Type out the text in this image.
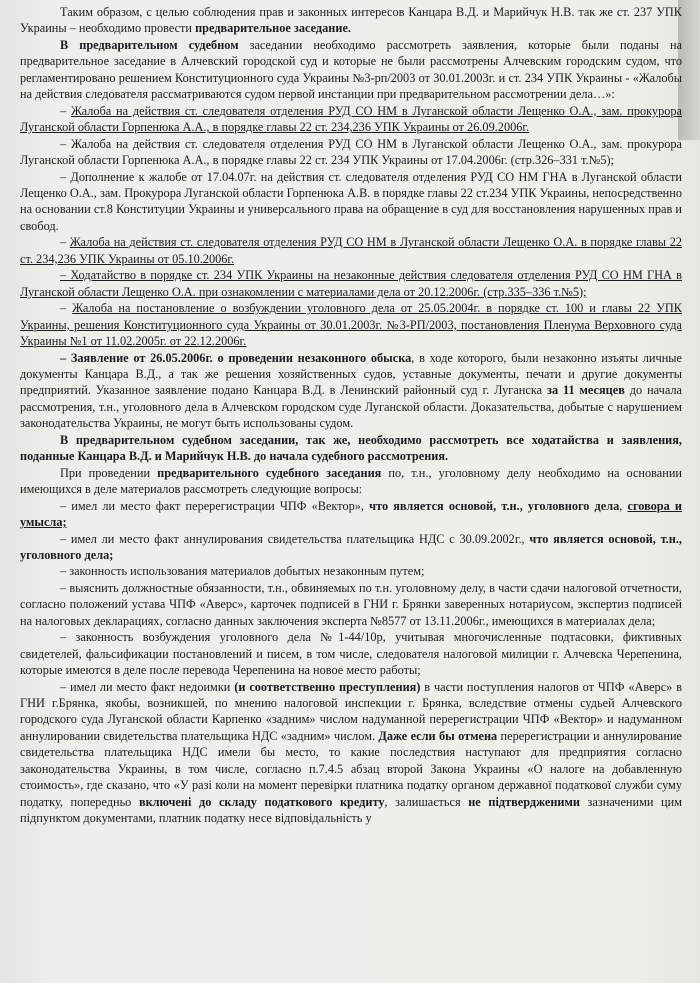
Таким образом, с целью соблюдения прав и законных интересов Канцара В.Д. и Марийчук Н.В. так же ст. 237 УПК Украины – необходимо провести предварительное заседание.

В предварительном судебном заседании необходимо рассмотреть заявления, которые были поданы на предварительное заседание в Алчевский городской суд и которые не были рассмотрены Алчевским городским судом, что регламентировано решением Конституционного суда Украины №3-рп/2003 от 30.01.2003г. и ст. 234 УПК Украины - «Жалобы на действия следователя рассматриваются судом первой инстанции при предварительном рассмотрении дела…»:

– Жалоба на действия ст. следователя отделения РУД СО НМ в Луганской области Лещенко О.А., зам. прокурора Луганской области Горпенюка А.А., в порядке главы 22 ст. 234,236 УПК Украины от 26.09.2006г.

– Жалоба на действия ст. следователя отделения РУД СО НМ в Луганской области Лещенко О.А., зам. прокурора Луганской области Горпенюка А.А., в порядке главы 22 ст. 234 УПК Украины от 17.04.2006г. (стр.326–331 т.№5);

– Дополнение к жалобе от 17.04.07г. на действия ст. следователя отделения РУД СО НМ ГНА в Луганской области Лещенко О.А., зам. Прокурора Луганской области Горпенюка А.В. в порядке главы 22 ст.234 УПК Украины, непосредственно на основании ст.8 Конституции Украины и универсального права на обращение в суд для восстановления нарушенных прав и свобод.

– Жалоба на действия ст. следователя отделения РУД СО НМ в Луганской области Лещенко О.А. в порядке главы 22 ст. 234,236 УПК Украины от 05.10.2006г.

– Ходатайство в порядке ст. 234 УПК Украины на незаконные действия следователя отделения РУД СО НМ ГНА в Луганской области Лещенко О.А. при ознакомлении с материалами дела от 20.12.2006г. (стр.335–336 т.№5);

– Жалоба на постановление о возбуждении уголовного дела от 25.05.2004г. в порядке ст. 100 и главы 22 УПК Украины, решения Конституционного суда Украины от 30.01.2003г. №3-РП/2003, постановления Пленума Верховного суда Украины №1 от 11.02.2005г. от 22.12.2006г.

– Заявление от 26.05.2006г. о проведении незаконного обыска, в ходе которого, были незаконно изъяты личные документы Канцара В.Д., а так же решения хозяйственных судов, уставные документы, печати и другие документы предприятий. Указанное заявление подано Канцара В.Д. в Ленинский районный суд г. Луганска за 11 месяцев до начала рассмотрения, т.н., уголовного дела в Алчевском городском суде Луганской области. Доказательства, добытые с нарушением законодательства Украины, не могут быть использованы судом.

В предварительном судебном заседании, так же, необходимо рассмотреть все ходатайства и заявления, поданные Канцара В.Д. и Марийчук Н.В. до начала судебного рассмотрения.

При проведении предварительного судебного заседания по, т.н., уголовному делу необходимо на основании имеющихся в деле материалов рассмотреть следующие вопросы:

– имел ли место факт перерегистрации ЧПФ «Вектор», что является основой, т.н., уголовного дела, сговора и умысла;

– имел ли место факт аннулирования свидетельства плательщика НДС с 30.09.2002г., что является основой, т.н., уголовного дела;

– законность использования материалов добытых незаконным путем;

– выяснить должностные обязанности, т.н., обвиняемых по т.н. уголовному делу, в части сдачи налоговой отчетности, согласно положений устава ЧПФ «Аверс», карточек подписей в ГНИ г. Брянки заверенных нотариусом, экспертиз подписей на налоговых декларациях, согласно данных заключения эксперта №8577 от 13.11.2006г., имеющихся в материалах дела;

– законность возбуждения уголовного дела №1-44/10р, учитывая многочисленные подтасовки, фиктивных свидетелей, фальсификации постановлений и писем, в том числе, следователя налоговой милиции г. Алчевска Черепенина, которые имеются в деле после перевода Черепенина на новое место работы;

– имел ли место факт недоимки (и соответственно преступления) в части поступления налогов от ЧПФ «Аверс» в ГНИ г.Брянка, якобы, возникшей, по мнению налоговой инспекции г. Брянка, вследствие отмены судьей Алчевского городского суда Луганской области Карпенко «задним» числом надуманной перерегистрации ЧПФ «Вектор» и надуманном аннулировании свидетельства плательщика НДС «задним» числом. Даже если бы отмена перерегистрации и аннулирование свидетельства плательщика НДС имели бы место, то какие последствия наступают для предприятия согласно законодательства Украины, в том числе, согласно п.7.4.5 абзац второй Закона Украины «О налоге на добавленную стоимость», где сказано, что «У разі коли на момент перевірки платника податку органом державної податкової служби суму податку, попередньо включені до складу податкового кредиту, залишається не підтвердженими зазначеними цим підпунктом документами, платник податку несе відповідальність у
